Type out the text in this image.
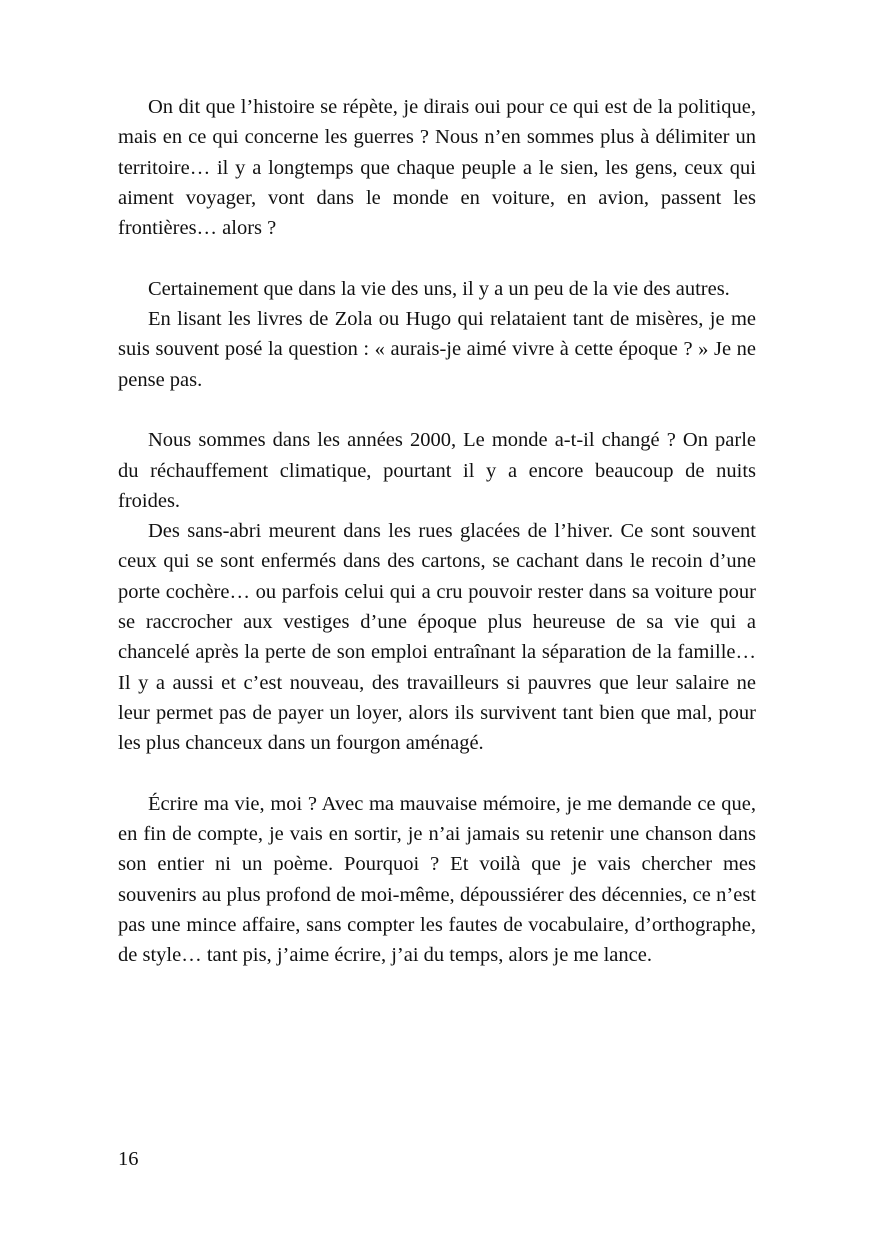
On dit que l’histoire se répète, je dirais oui pour ce qui est de la politique, mais en ce qui concerne les guerres ? Nous n’en sommes plus à délimiter un territoire… il y a longtemps que chaque peuple a le sien, les gens, ceux qui aiment voyager, vont dans le monde en voiture, en avion, passent les frontières… alors ?

Certainement que dans la vie des uns, il y a un peu de la vie des autres.

En lisant les livres de Zola ou Hugo qui relataient tant de misères, je me suis souvent posé la question : « aurais-je aimé vivre à cette époque ? » Je ne pense pas.

Nous sommes dans les années 2000, Le monde a-t-il changé ? On parle du réchauffement climatique, pourtant il y a encore beaucoup de nuits froides.

Des sans-abri meurent dans les rues glacées de l’hiver. Ce sont souvent ceux qui se sont enfermés dans des cartons, se cachant dans le recoin d’une porte cochère… ou parfois celui qui a cru pouvoir rester dans sa voiture pour se raccrocher aux vestiges d’une époque plus heureuse de sa vie qui a chancelé après la perte de son emploi entraînant la séparation de la famille… Il y a aussi et c’est nouveau, des travailleurs si pauvres que leur salaire ne leur permet pas de payer un loyer, alors ils survivent tant bien que mal, pour les plus chanceux dans un fourgon aménagé.

Écrire ma vie, moi ? Avec ma mauvaise mémoire, je me demande ce que, en fin de compte, je vais en sortir, je n’ai jamais su retenir une chanson dans son entier ni un poème. Pourquoi ? Et voilà que je vais chercher mes souvenirs au plus profond de moi-même, dépoussiérer des décennies, ce n’est pas une mince affaire, sans compter les fautes de vocabulaire, d’orthographe, de style… tant pis, j’aime écrire, j’ai du temps, alors je me lance.

16
